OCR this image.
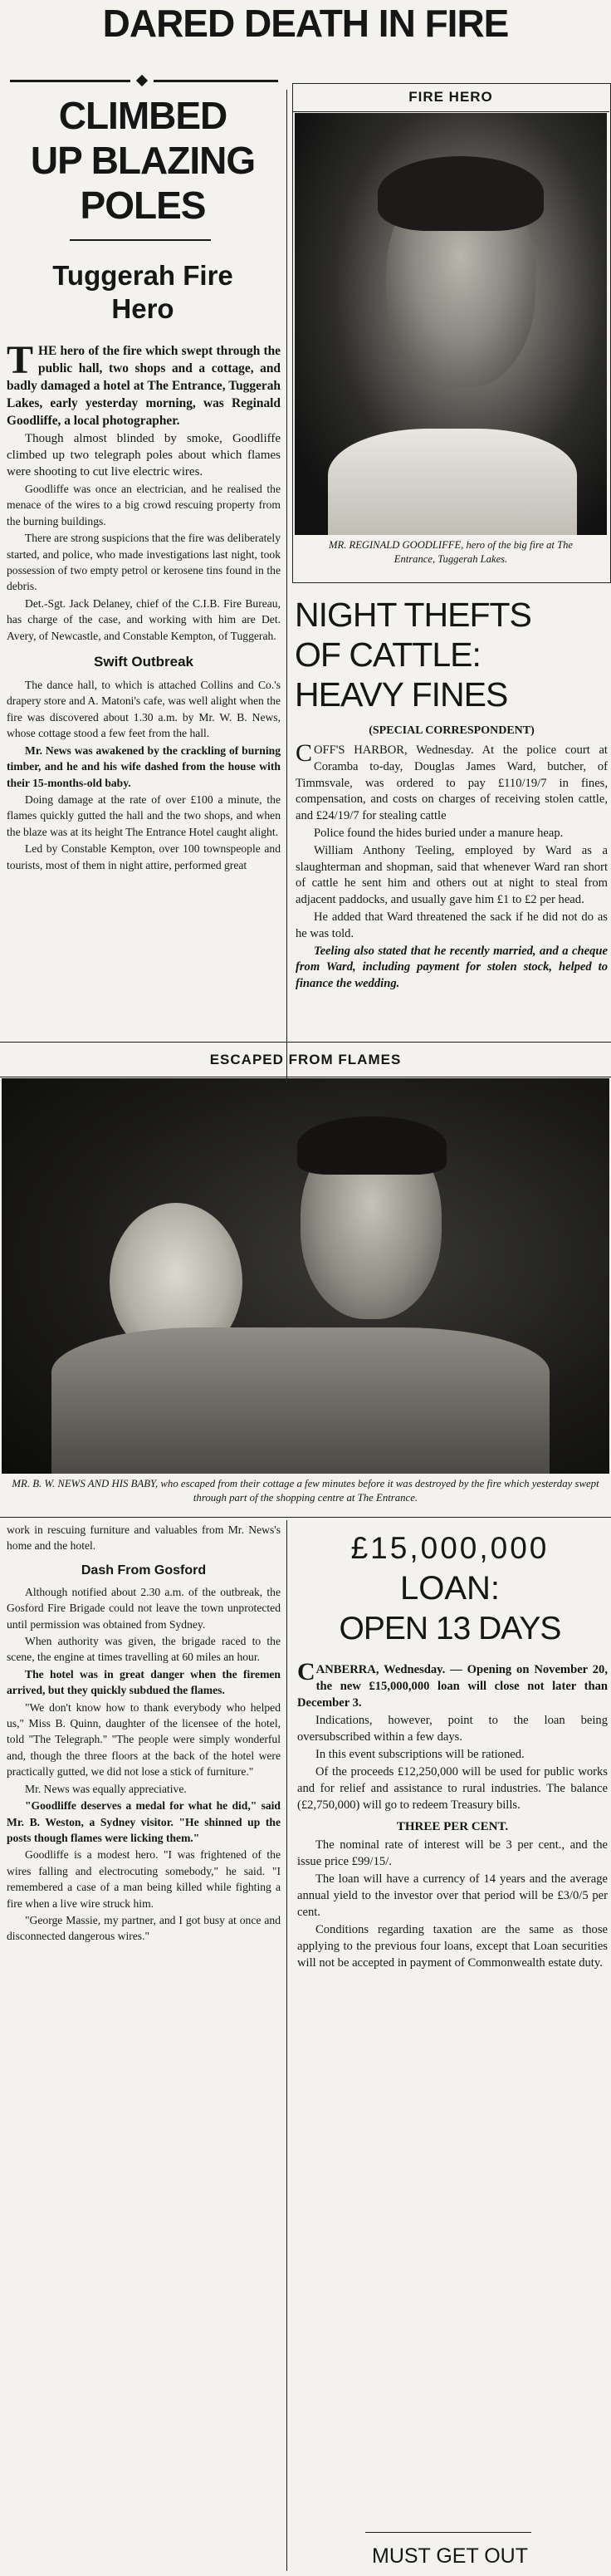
DARED DEATH IN FIRE
CLIMBED
UP BLAZING
POLES
Tuggerah Fire
Hero

T HE hero of the fire which swept through the public hall, two shops and a cottage, and badly damaged a hotel at The Entrance, Tuggerah Lakes, early yesterday morning, was Reginald Goodliffe, a local photographer.

Though almost blinded by smoke, Goodliffe climbed up two telegraph poles about which flames were shooting to cut live electric wires.

Goodliffe was once an electrician, and he realised the menace of the wires to a big crowd rescuing property from the burning buildings.

There are strong suspicions that the fire was deliberately started, and police, who made investigations last night, took possession of two empty petrol or kerosene tins found in the debris.

Det.-Sgt. Jack Delaney, chief of the C.I.B. Fire Bureau, has charge of the case, and working with him are Det. Avery, of Newcastle, and Constable Kempton, of Tuggerah.

Swift Outbreak

The dance hall, to which is attached Collins and Co.'s drapery store and A. Matoni's cafe, was well alight when the fire was discovered about 1.30 a.m. by Mr. W. B. News, whose cottage stood a few feet from the hall.

Mr. News was awakened by the crackling of burning timber, and he and his wife dashed from the house with their 15-months-old baby.

Doing damage at the rate of over £100 a minute, the flames quickly gutted the hall and the two shops, and when the blaze was at its height The Entrance Hotel caught alight.

Led by Constable Kempton, over 100 townspeople and tourists, most of them in night attire, performed great

FIRE HERO
MR. REGINALD GOODLIFFE, hero of the big fire at The Entrance, Tuggerah Lakes.
NIGHT THEFTS
OF CATTLE:
HEAVY FINES
(SPECIAL CORRESPONDENT)

C OFF'S HARBOR, Wednesday. At the police court at Coramba to-day, Douglas James Ward, butcher, of Timmsvale, was ordered to pay £110/19/7 in fines, compensation, and costs on charges of receiving stolen cattle, and £24/19/7 for stealing cattle

Police found the hides buried under a manure heap.

William Anthony Teeling, employed by Ward as a slaughterman and shopman, said that whenever Ward ran short of cattle he sent him and others out at night to steal from adjacent paddocks, and usually gave him £1 to £2 per head.

He added that Ward threatened the sack if he did not do as he was told.

Teeling also stated that he recently married, and a cheque from Ward, including payment for stolen stock, helped to finance the wedding.

ESCAPED FROM FLAMES
MR. B. W. NEWS AND HIS BABY, who escaped from their cottage a few minutes before it was destroyed by the fire which yesterday swept through part of the shopping centre at The Entrance.

work in rescuing furniture and valuables from Mr. News's home and the hotel.

Dash From Gosford

Although notified about 2.30 a.m. of the outbreak, the Gosford Fire Brigade could not leave the town unprotected until permission was obtained from Sydney.

When authority was given, the brigade raced to the scene, the engine at times travelling at 60 miles an hour.

The hotel was in great danger when the firemen arrived, but they quickly subdued the flames.

"We don't know how to thank everybody who helped us," Miss B. Quinn, daughter of the licensee of the hotel, told "The Telegraph." "The people were simply wonderful and, though the three floors at the back of the hotel were practically gutted, we did not lose a stick of furniture."

Mr. News was equally appreciative.

"Goodliffe deserves a medal for what he did," said Mr. B. Weston, a Sydney visitor. "He shinned up the posts though flames were licking them."

Goodliffe is a modest hero. "I was frightened of the wires falling and electrocuting somebody," he said. "I remembered a case of a man being killed while fighting a fire when a live wire struck him.

"George Massie, my partner, and I got busy at once and disconnected dangerous wires."

£15,000,000
LOAN:
OPEN 13 DAYS

C ANBERRA, Wednesday. — Opening on November 20, the new £15,000,000 loan will close not later than December 3.

Indications, however, point to the loan being oversubscribed within a few days.

In this event subscriptions will be rationed.

Of the proceeds £12,250,000 will be used for public works and for relief and assistance to rural industries. The balance (£2,750,000) will go to redeem Treasury bills.

THREE PER CENT.

The nominal rate of interest will be 3 per cent., and the issue price £99/15/.

The loan will have a currency of 14 years and the average annual yield to the investor over that period will be £3/0/5 per cent.

Conditions regarding taxation are the same as those applying to the previous four loans, except that Loan securities will not be accepted in payment of Commonwealth estate duty.

MUST GET OUT
